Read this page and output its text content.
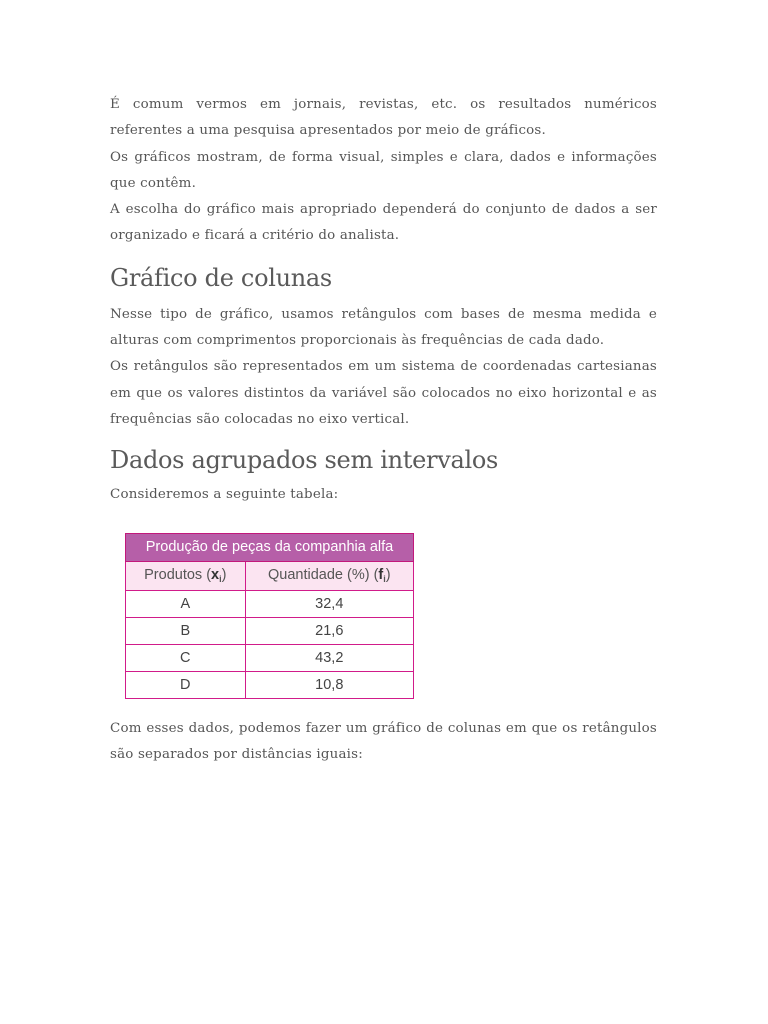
É comum vermos em jornais, revistas, etc. os resultados numéricos referentes a uma pesquisa apresentados por meio de gráficos.

Os gráficos mostram, de forma visual, simples e clara, dados e informações que contêm.

A escolha do gráfico mais apropriado dependerá do conjunto de dados a ser organizado e ficará a critério do analista.

Gráfico de colunas

Nesse tipo de gráfico, usamos retângulos com bases de mesma medida e alturas com comprimentos proporcionais às frequências de cada dado.

Os retângulos são representados em um sistema de coordenadas cartesianas em que os valores distintos da variável são colocados no eixo horizontal e as frequências são colocadas no eixo vertical.

Dados agrupados sem intervalos

Consideremos a seguinte tabela:

Produção de peças da companhia alfa	
Produtos $(x_i)$	Quantidade (%) $(f_i)$
A	32,4
B	21,6
C	43,2
D	10,8

Com esses dados, podemos fazer um gráfico de colunas em que os retângulos são separados por distâncias iguais:
